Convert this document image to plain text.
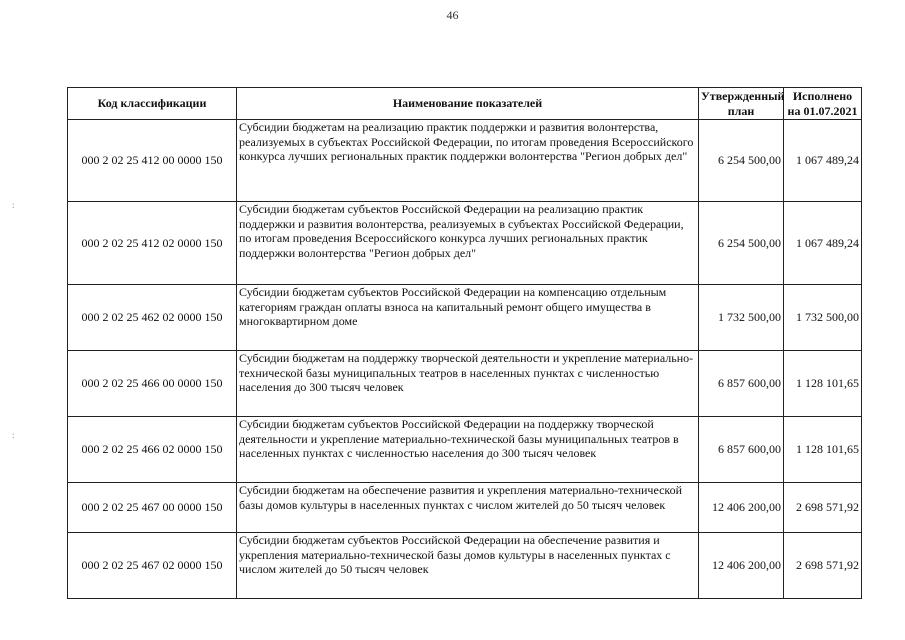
46
:
:
Код классификации	Наименование показателей	Утвержденный план	Исполнено на 01.07.2021
000 2 02 25 412 00 0000 150	Субсидии бюджетам на реализацию практик поддержки и развития волонтерства, реализуемых в субъектах Российской Федерации, по итогам проведения Всероссийского конкурса лучших региональных практик поддержки волонтерства "Регион добрых дел"	6 254 500,00	1 067 489,24
000 2 02 25 412 02 0000 150	Субсидии бюджетам субъектов Российской Федерации на реализацию практик поддержки и развития волонтерства, реализуемых в субъектах Российской Федерации, по итогам проведения Всероссийского конкурса лучших региональных практик поддержки волонтерства "Регион добрых дел"	6 254 500,00	1 067 489,24
000 2 02 25 462 02 0000 150	Субсидии бюджетам субъектов Российской Федерации на компенсацию отдельным категориям граждан оплаты взноса на капитальный ремонт общего имущества в многоквартирном доме	1 732 500,00	1 732 500,00
000 2 02 25 466 00 0000 150	Субсидии бюджетам на поддержку творческой деятельности и укрепление материально-технической базы муниципальных театров в населенных пунктах с численностью населения до 300 тысяч человек	6 857 600,00	1 128 101,65
000 2 02 25 466 02 0000 150	Субсидии бюджетам субъектов Российской Федерации на поддержку творческой деятельности и укрепление материально-технической базы муниципальных театров в населенных пунктах с численностью населения до 300 тысяч человек	6 857 600,00	1 128 101,65
000 2 02 25 467 00 0000 150	Субсидии бюджетам на обеспечение развития и укрепления материально-технической базы домов культуры в населенных пунктах с числом жителей до 50 тысяч человек	12 406 200,00	2 698 571,92
000 2 02 25 467 02 0000 150	Субсидии бюджетам субъектов Российской Федерации на обеспечение развития и укрепления материально-технической базы домов культуры в населенных пунктах с числом жителей до 50 тысяч человек	12 406 200,00	2 698 571,92
